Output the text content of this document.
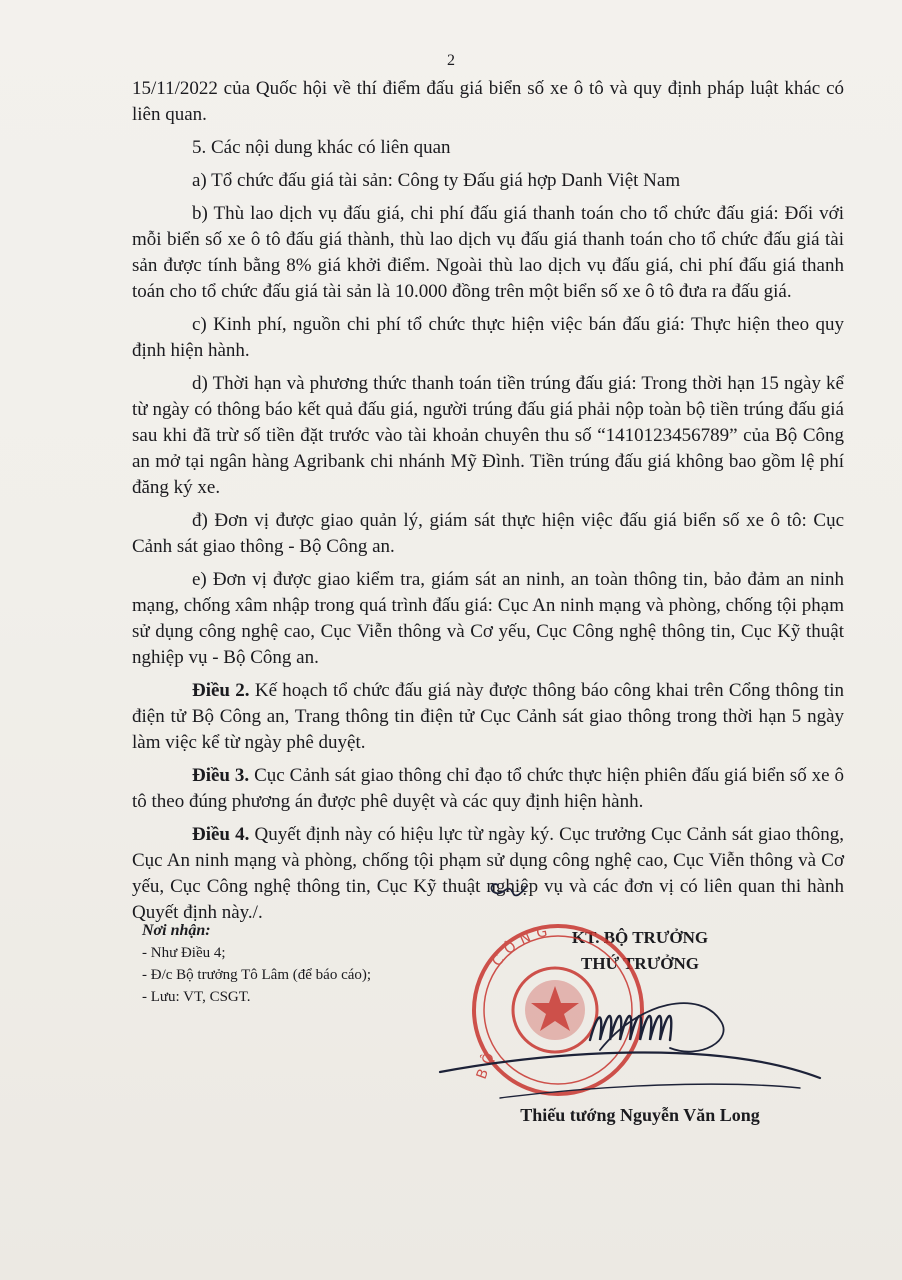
2

15/11/2022 của Quốc hội về thí điểm đấu giá biển số xe ô tô và quy định pháp luật khác có liên quan.

5. Các nội dung khác có liên quan

a) Tổ chức đấu giá tài sản: Công ty Đấu giá hợp Danh Việt Nam

b) Thù lao dịch vụ đấu giá, chi phí đấu giá thanh toán cho tổ chức đấu giá: Đối với mỗi biển số xe ô tô đấu giá thành, thù lao dịch vụ đấu giá thanh toán cho tổ chức đấu giá tài sản được tính bằng 8% giá khởi điểm. Ngoài thù lao dịch vụ đấu giá, chi phí đấu giá thanh toán cho tổ chức đấu giá tài sản là 10.000 đồng trên một biển số xe ô tô đưa ra đấu giá.

c) Kinh phí, nguồn chi phí tổ chức thực hiện việc bán đấu giá: Thực hiện theo quy định hiện hành.

d) Thời hạn và phương thức thanh toán tiền trúng đấu giá: Trong thời hạn 15 ngày kể từ ngày có thông báo kết quả đấu giá, người trúng đấu giá phải nộp toàn bộ tiền trúng đấu giá sau khi đã trừ số tiền đặt trước vào tài khoản chuyên thu số “1410123456789” của Bộ Công an mở tại ngân hàng Agribank chi nhánh Mỹ Đình. Tiền trúng đấu giá không bao gồm lệ phí đăng ký xe.

đ) Đơn vị được giao quản lý, giám sát thực hiện việc đấu giá biển số xe ô tô: Cục Cảnh sát giao thông - Bộ Công an.

e) Đơn vị được giao kiểm tra, giám sát an ninh, an toàn thông tin, bảo đảm an ninh mạng, chống xâm nhập trong quá trình đấu giá: Cục An ninh mạng và phòng, chống tội phạm sử dụng công nghệ cao, Cục Viễn thông và Cơ yếu, Cục Công nghệ thông tin, Cục Kỹ thuật nghiệp vụ - Bộ Công an.

Điều 2. Kế hoạch tổ chức đấu giá này được thông báo công khai trên Cổng thông tin điện tử Bộ Công an, Trang thông tin điện tử Cục Cảnh sát giao thông trong thời hạn 5 ngày làm việc kể từ ngày phê duyệt.

Điều 3. Cục Cảnh sát giao thông chỉ đạo tổ chức thực hiện phiên đấu giá biển số xe ô tô theo đúng phương án được phê duyệt và các quy định hiện hành.

Điều 4. Quyết định này có hiệu lực từ ngày ký. Cục trưởng Cục Cảnh sát giao thông, Cục An ninh mạng và phòng, chống tội phạm sử dụng công nghệ cao, Cục Viễn thông và Cơ yếu, Cục Công nghệ thông tin, Cục Kỹ thuật nghiệp vụ và các đơn vị có liên quan thi hành Quyết định này./.

Nơi nhận:
- Như Điều 4;
- Đ/c Bộ trưởng Tô Lâm (để báo cáo);
- Lưu: VT, CSGT.
KT. BỘ TRƯỞNG
THỨ TRƯỞNG
CÔNG
BỘ
Thiếu tướng Nguyễn Văn Long
